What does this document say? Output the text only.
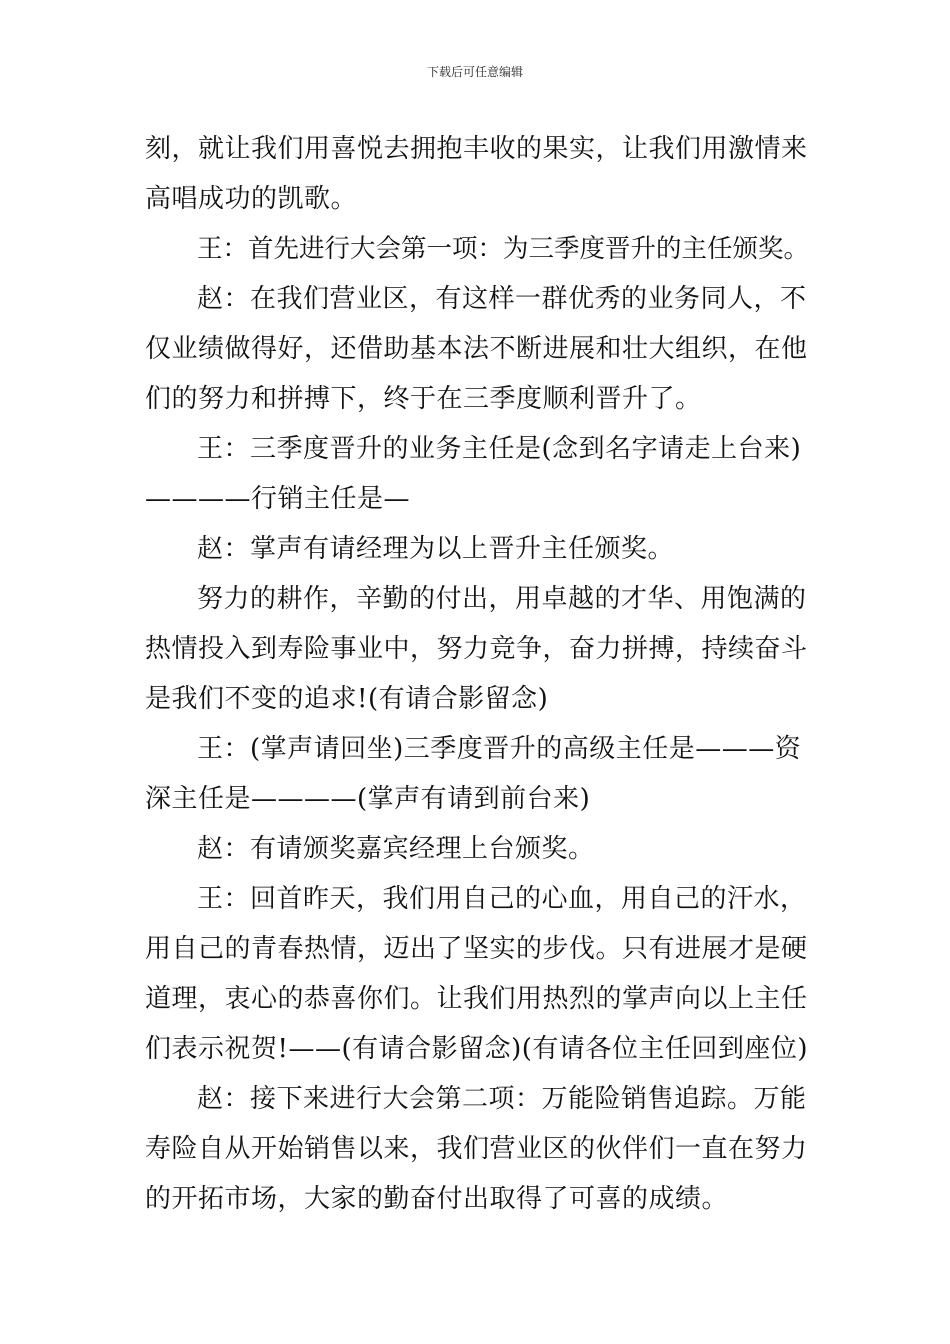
下载后可任意编辑
刻，就让我们用喜悦去拥抱丰收的果实，让我们用激情来
高唱成功的凯歌。
王：首先进行大会第一项：为三季度晋升的主任颁奖。
赵：在我们营业区，有这样一群优秀的业务同人，不
仅业绩做得好，还借助基本法不断进展和壮大组织，在他
们的努力和拼搏下，终于在三季度顺利晋升了。
王：三季度晋升的业务主任是(念到名字请走上台来)
————行销主任是—
赵：掌声有请经理为以上晋升主任颁奖。
努力的耕作，辛勤的付出，用卓越的才华、用饱满的
热情投入到寿险事业中，努力竞争，奋力拼搏，持续奋斗
是我们不变的追求!(有请合影留念)
王：(掌声请回坐)三季度晋升的高级主任是———资
深主任是————(掌声有请到前台来)
赵：有请颁奖嘉宾经理上台颁奖。
王：回首昨天，我们用自己的心血，用自己的汗水，
用自己的青春热情，迈出了坚实的步伐。只有进展才是硬
道理，衷心的恭喜你们。让我们用热烈的掌声向以上主任
们表示祝贺!——(有请合影留念)(有请各位主任回到座位)
赵：接下来进行大会第二项：万能险销售追踪。万能
寿险自从开始销售以来，我们营业区的伙伴们一直在努力
的开拓市场，大家的勤奋付出取得了可喜的成绩。
